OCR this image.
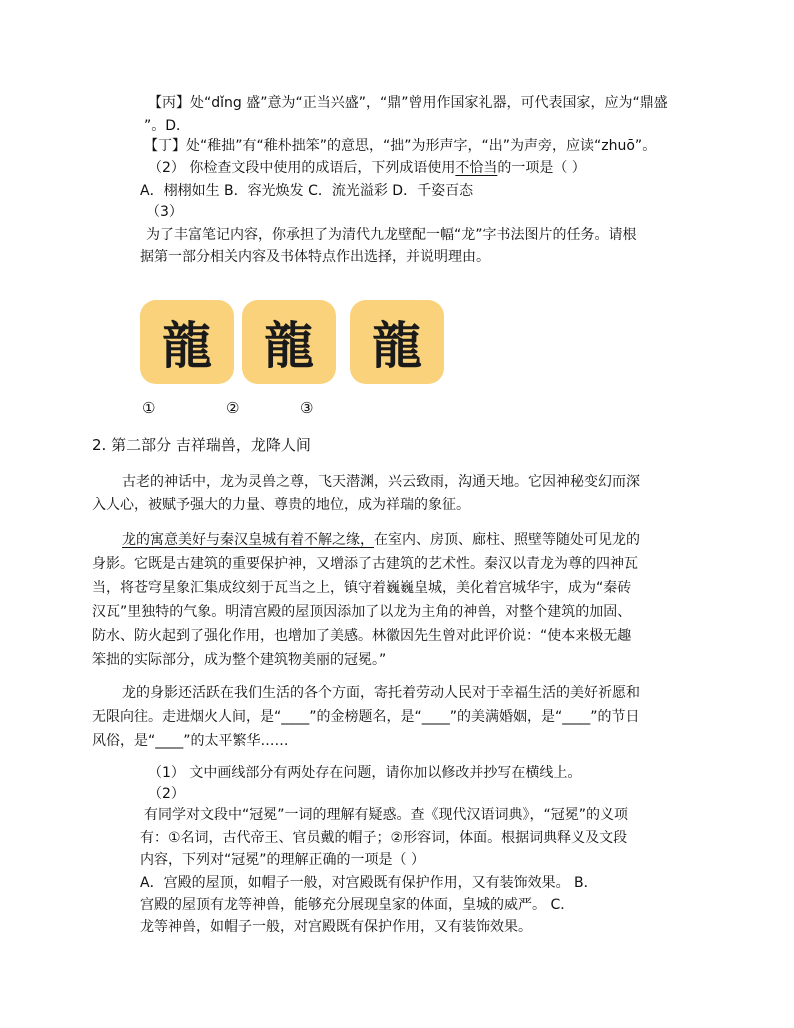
【丙】处“dǐng 盛”意为“正当兴盛”，“鼎”曾用作国家礼器，可代表国家，应为“鼎盛
”。D．
【丁】处“稚拙”有“稚朴拙笨”的意思，“拙”为形声字，“出”为声旁，应读“zhuō”。
（2） 你检查文段中使用的成语后，下列成语使用不恰当的一项是（ ）
A．栩栩如生 B．容光焕发 C．流光溢彩 D．千姿百态
（3）
为了丰富笔记内容，你承担了为清代九龙壁配一幅“龙”字书法图片的任务。请根
据第一部分相关内容及书体特点作出选择，并说明理由。
龍	龍	龍
①	②	③
2. 第二部分 吉祥瑞兽，龙降人间
古老的神话中，龙为灵兽之尊，飞天潜渊，兴云致雨，沟通天地。它因神秘变幻而深
入人心，被赋予强大的力量、尊贵的地位，成为祥瑞的象征。
龙的寓意美好与秦汉皇城有着不解之缘，在室内、房顶、廊柱、照壁等随处可见龙的
身影。它既是古建筑的重要保护神，又增添了古建筑的艺术性。秦汉以青龙为尊的四神瓦
当，将苍穹星象汇集成纹刻于瓦当之上，镇守着巍巍皇城，美化着宫城华宇，成为“秦砖
汉瓦”里独特的气象。明清宫殿的屋顶因添加了以龙为主角的神兽，对整个建筑的加固、
防水、防火起到了强化作用，也增加了美感。林徽因先生曾对此评价说：“使本来极无趣
笨拙的实际部分，成为整个建筑物美丽的冠冕。”
龙的身影还活跃在我们生活的各个方面，寄托着劳动人民对于幸福生活的美好祈愿和
无限向往。走进烟火人间，是“____”的金榜题名，是“____”的美满婚姻，是“____”的节日
风俗，是“____”的太平繁华……
（1） 文中画线部分有两处存在问题，请你加以修改并抄写在横线上。
（2）
有同学对文段中“冠冕”一词的理解有疑惑。查《现代汉语词典》，“冠冕”的义项
有：①名词，古代帝王、官员戴的帽子；②形容词，体面。根据词典释义及文段
内容，下列对“冠冕”的理解正确的一项是（ ）
A．宫殿的屋顶，如帽子一般，对宫殿既有保护作用，又有装饰效果。 B．
宫殿的屋顶有龙等神兽，能够充分展现皇家的体面，皇城的威严。 C．
龙等神兽，如帽子一般，对宫殿既有保护作用，又有装饰效果。
